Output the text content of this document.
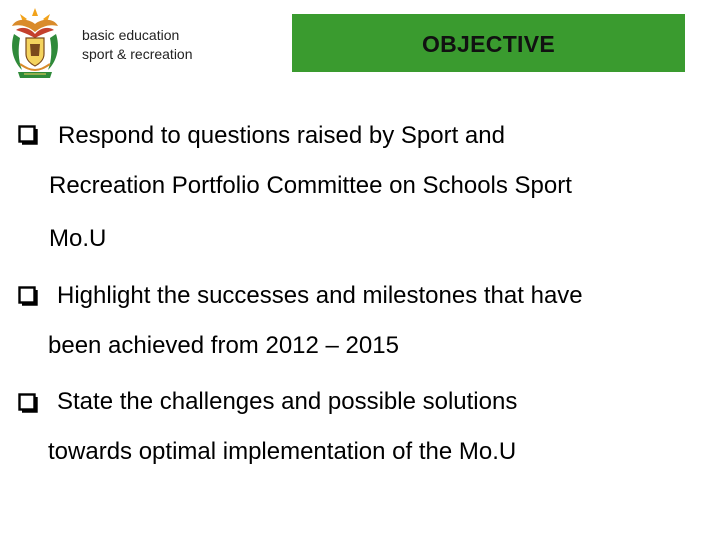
basic education
sport & recreation	OBJECTIVE
Respond to questions raised by Sport and
Recreation Portfolio Committee on Schools Sport
Mo.U
Highlight the successes and milestones that have
been achieved from 2012 – 2015
State the challenges and possible solutions
towards optimal implementation of the Mo.U
